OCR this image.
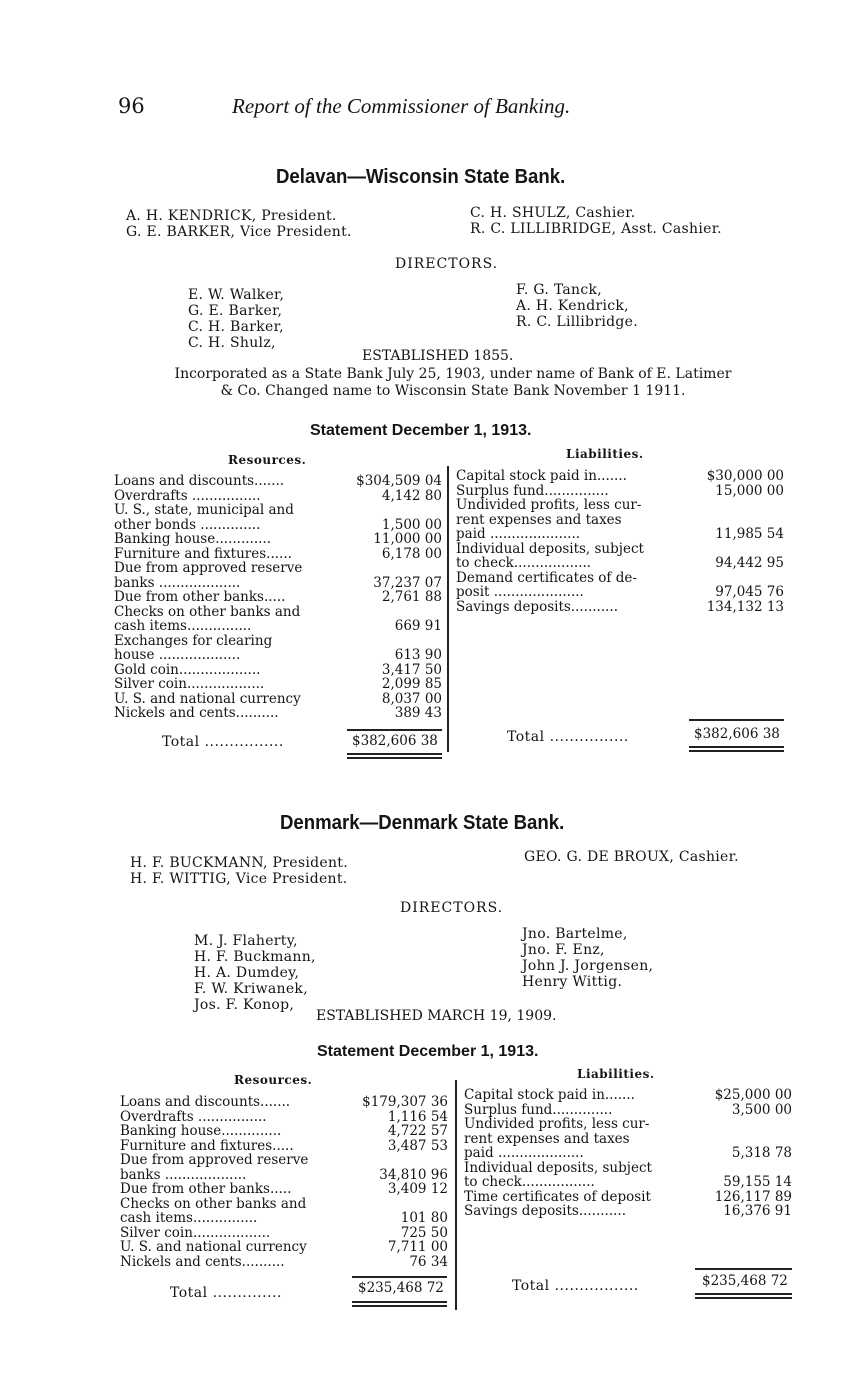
96	Report of the Commissioner of Banking.
Delavan—Wisconsin State Bank.
A. H. KENDRICK, President.
G. E. BARKER, Vice President.
C. H. SHULZ, Cashier.
R. C. LILLIBRIDGE, Asst. Cashier.
DIRECTORS.
E. W. Walker,
G. E. Barker,
C. H. Barker,
C. H. Shulz,
F. G. Tanck,
A. H. Kendrick,
R. C. Lillibridge.
ESTABLISHED 1855.
Incorporated as a State Bank July 25, 1903, under name of Bank of E. Latimer
& Co. Changed name to Wisconsin State Bank November 1 1911.
Statement December 1, 1913.
Resources.	Liabilities.
Loans and discounts.......	$304,509 04
Overdrafts ................	4,142 80
U. S., state, municipal and
other bonds ..............	1,500 00
Banking house.............	11,000 00
Furniture and fixtures......	6,178 00
Due from approved reserve
banks ...................	37,237 07
Due from other banks.....	2,761 88
Checks on other banks and
cash items...............	669 91
Exchanges for clearing
house ...................	613 90
Gold coin...................	3,417 50
Silver coin..................	2,099 85
U. S. and national currency	8,037 00
Nickels and cents..........	389 43
Capital stock paid in.......	$30,000 00
Surplus fund...............	15,000 00
Undivided profits, less cur-
rent expenses and taxes
paid .....................	11,985 54
Individual deposits, subject
to check..................	94,442 95
Demand certificates of de-
posit .....................	97,045 76
Savings deposits...........	134,132 13
Total ................	$382,606 38	Total ................	$382,606 38
Denmark—Denmark State Bank.
H. F. BUCKMANN, President.
H. F. WITTIG, Vice President.
GEO. G. DE BROUX, Cashier.
DIRECTORS.
M. J. Flaherty,
H. F. Buckmann,
H. A. Dumdey,
F. W. Kriwanek,
Jos. F. Konop,
Jno. Bartelme,
Jno. F. Enz,
John J. Jorgensen,
Henry Wittig.
ESTABLISHED MARCH 19, 1909.
Statement December 1, 1913.
Resources.	Liabilities.
Loans and discounts.......	$179,307 36
Overdrafts ................	1,116 54
Banking house..............	4,722 57
Furniture and fixtures.....	3,487 53
Due from approved reserve
banks ...................	34,810 96
Due from other banks.....	3,409 12
Checks on other banks and
cash items...............	101 80
Silver coin..................	725 50
U. S. and national currency	7,711 00
Nickels and cents..........	76 34
Capital stock paid in.......	$25,000 00
Surplus fund..............	3,500 00
Undivided profits, less cur-
rent expenses and taxes
paid ....................	5,318 78
Individual deposits, subject
to check.................	59,155 14
Time certificates of deposit	126,117 89
Savings deposits...........	16,376 91
Total ..............	$235,468 72	Total .................	$235,468 72
